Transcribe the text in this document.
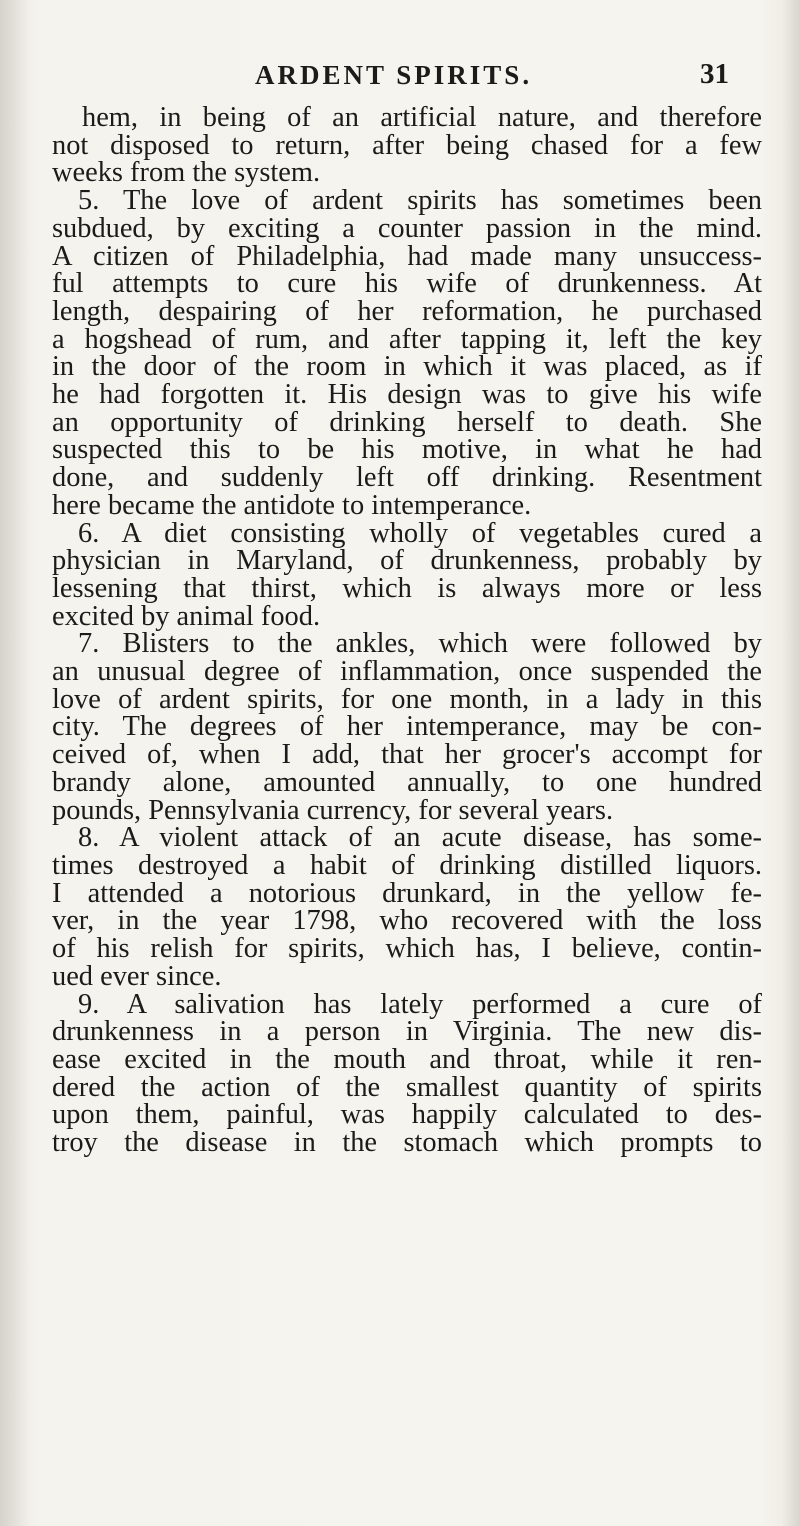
ARDENT SPIRITS.	31
hem, in being of an artificial nature, and therefore
not disposed to return, after being chased for a few
weeks from the system.
5. The love of ardent spirits has sometimes been
subdued, by exciting a counter passion in the mind.
A citizen of Philadelphia, had made many unsuccess-
ful attempts to cure his wife of drunkenness. At
length, despairing of her reformation, he purchased
a hogshead of rum, and after tapping it, left the key
in the door of the room in which it was placed, as if
he had forgotten it. His design was to give his wife
an opportunity of drinking herself to death. She
suspected this to be his motive, in what he had
done, and suddenly left off drinking. Resentment
here became the antidote to intemperance.
6. A diet consisting wholly of vegetables cured a
physician in Maryland, of drunkenness, probably by
lessening that thirst, which is always more or less
excited by animal food.
7. Blisters to the ankles, which were followed by
an unusual degree of inflammation, once suspended the
love of ardent spirits, for one month, in a lady in this
city. The degrees of her intemperance, may be con-
ceived of, when I add, that her grocer's accompt for
brandy alone, amounted annually, to one hundred
pounds, Pennsylvania currency, for several years.
8. A violent attack of an acute disease, has some-
times destroyed a habit of drinking distilled liquors.
I attended a notorious drunkard, in the yellow fe-
ver, in the year 1798, who recovered with the loss
of his relish for spirits, which has, I believe, contin-
ued ever since.
9. A salivation has lately performed a cure of
drunkenness in a person in Virginia. The new dis-
ease excited in the mouth and throat, while it ren-
dered the action of the smallest quantity of spirits
upon them, painful, was happily calculated to des-
troy the disease in the stomach which prompts to
